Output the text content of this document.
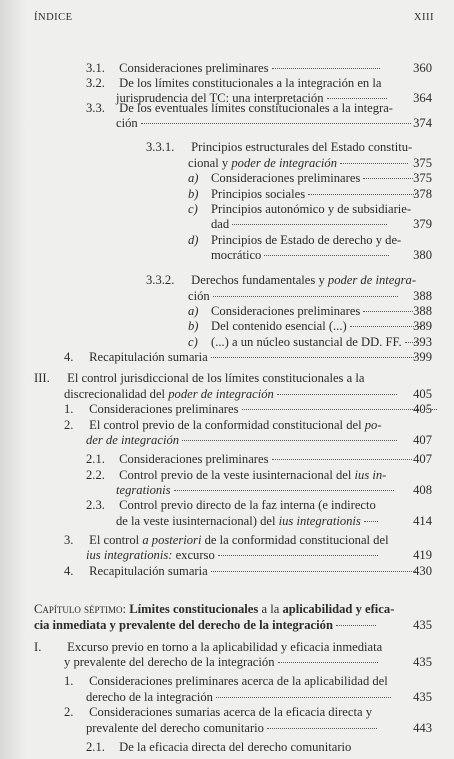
ÍNDICE	XIII
3.1. Consideraciones preliminares	360
3.2. De los límites constitucionales a la integración en la
jurisprudencia del TC: una interpretación	364
3.3. De los eventuales límites constitucionales a la integra-
ción	374
3.3.1. Principios estructurales del Estado constitu-
cional y poder de integración	375
a) Consideraciones preliminares	375
b) Principios sociales	378
c) Principios autonómico y de subsidiarie-
dad	379
d) Principios de Estado de derecho y de-
mocrático	380
3.3.2. Derechos fundamentales y poder de integra-
ción	388
a) Consideraciones preliminares	388
b) Del contenido esencial (...)	389
c) (...) a un núcleo sustancial de DD. FF. 393
4. Recapitulación sumaria	399
III. El control jurisdiccional de los límites constitucionales a la
discrecionalidad del poder de integración	405
1. Consideraciones preliminares	405
2. El control previo de la conformidad constitucional del po-
der de integración	407
2.1. Consideraciones preliminares	407
2.2. Control previo de la veste iusinternacional del ius in-
tegrationis	408
2.3. Control previo directo de la faz interna (e indirecto
de la veste iusinternacional) del ius integrationis	414
3. El control a posteriori de la conformidad constitucional del
ius integrationis: excurso	419
4. Recapitulación sumaria	430
Capítulo séptimo: Límites constitucionales a la aplicabilidad y efica-
cia inmediata y prevalente del derecho de la integración	435
I. Excurso previo en torno a la aplicabilidad y eficacia inmediata
y prevalente del derecho de la integración	435
1. Consideraciones preliminares acerca de la aplicabilidad del
derecho de la integración	435
2. Consideraciones sumarias acerca de la eficacia directa y
prevalente del derecho comunitario	443
2.1. De la eficacia directa del derecho comunitario
